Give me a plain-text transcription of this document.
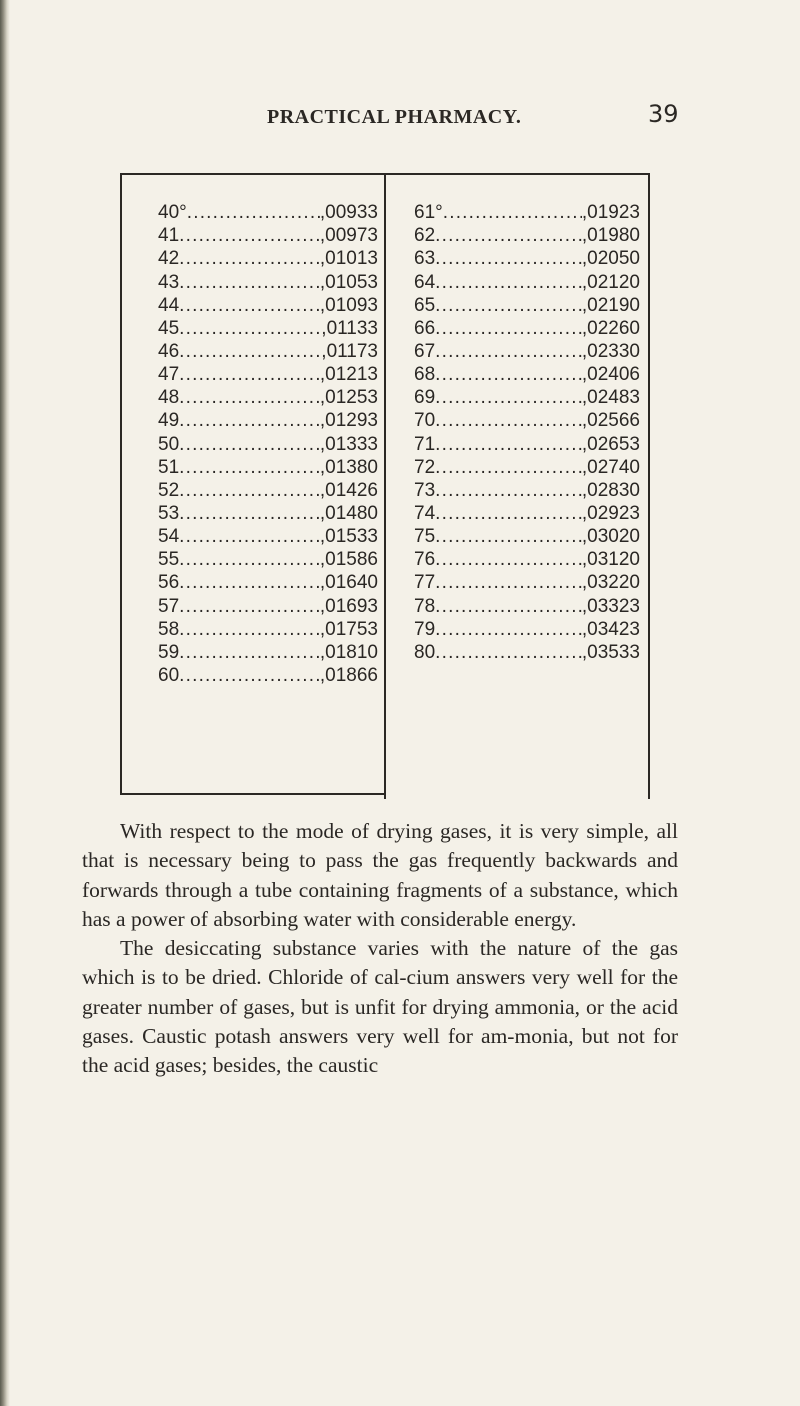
PRACTICAL PHARMACY.	39
40° .....	,00933
41 .....	,00973
42 .....	,01013
43 .....	,01053
44 .....	,01093
45 .....	,01133
46 .....	,01173
47 .....	,01213
48 .....	,01253
49 .....	,01293
50 .....	,01333
51 .....	,01380
52 .....	,01426
53 .....	,01480
54 .....	,01533
55 .....	,01586
56 .....	,01640
57 .....	,01693
58 .....	,01753
59 .....	,01810
60 .....	,01866
61° .....	,01923
62 .....	,01980
63 .....	,02050
64 .....	,02120
65 .....	,02190
66 .....	,02260
67 .....	,02330
68 .....	,02406
69 .....	,02483
70 .....	,02566
71 .....	,02653
72 .....	,02740
73 .....	,02830
74 .....	,02923
75 .....	,03020
76 .....	,03120
77 .....	,03220
78 .....	,03323
79 .....	,03423
80 .....	,03533

With respect to the mode of drying gases, it is very simple, all that is necessary being to pass the gas frequently backwards and forwards through a tube containing fragments of a substance, which has a power of absorbing water with considerable energy.

The desiccating substance varies with the nature of the gas which is to be dried. Chloride of cal-cium answers very well for the greater number of gases, but is unfit for drying ammonia, or the acid gases. Caustic potash answers very well for am-monia, but not for the acid gases; besides, the caustic
